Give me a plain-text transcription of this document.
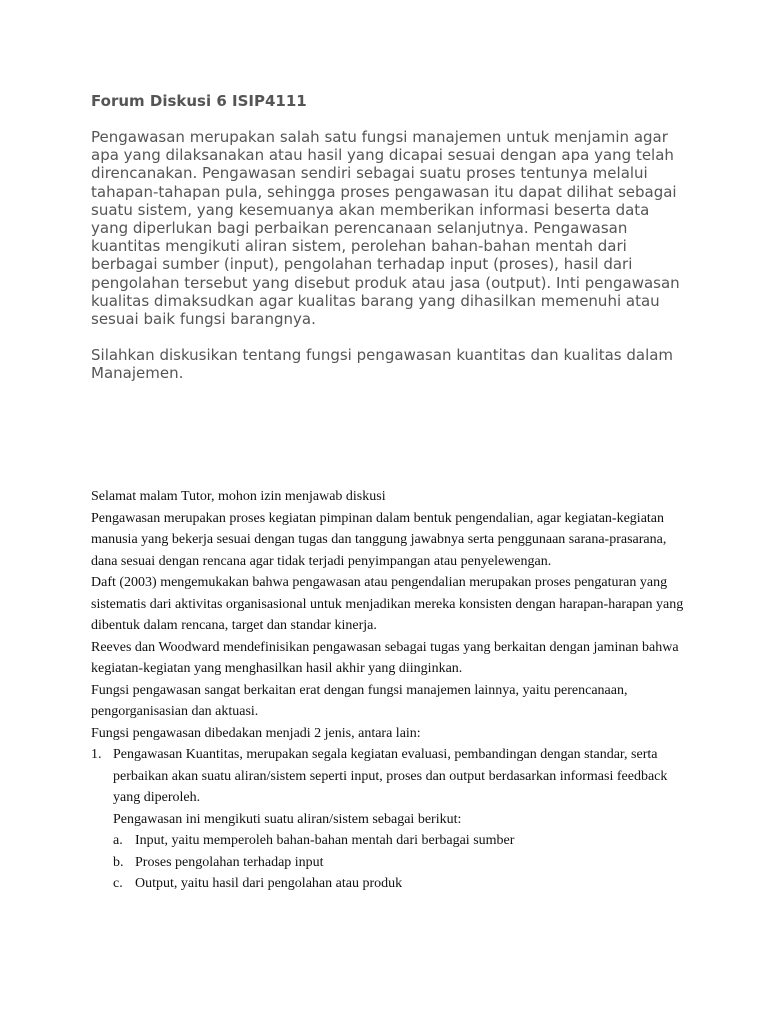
Forum Diskusi 6 ISIP4111

Pengawasan merupakan salah satu fungsi manajemen untuk menjamin agar apa yang dilaksanakan atau hasil yang dicapai sesuai dengan apa yang telah direncanakan. Pengawasan sendiri sebagai suatu proses tentunya melalui tahapan-tahapan pula, sehingga proses pengawasan itu dapat dilihat sebagai suatu sistem, yang kesemuanya akan memberikan informasi beserta data yang diperlukan bagi perbaikan perencanaan selanjutnya. Pengawasan kuantitas mengikuti aliran sistem, perolehan bahan-bahan mentah dari berbagai sumber (input), pengolahan terhadap input (proses), hasil dari pengolahan tersebut yang disebut produk atau jasa (output). Inti pengawasan kualitas dimaksudkan agar kualitas barang yang dihasilkan memenuhi atau sesuai baik fungsi barangnya.

Silahkan diskusikan tentang fungsi pengawasan kuantitas dan kualitas dalam Manajemen.

Selamat malam Tutor, mohon izin menjawab diskusi

Pengawasan merupakan proses kegiatan pimpinan dalam bentuk pengendalian, agar kegiatan-kegiatan manusia yang bekerja sesuai dengan tugas dan tanggung jawabnya serta penggunaan sarana-prasarana, dana sesuai dengan rencana agar tidak terjadi penyimpangan atau penyelewengan.

Daft (2003) mengemukakan bahwa pengawasan atau pengendalian merupakan proses pengaturan yang sistematis dari aktivitas organisasional untuk menjadikan mereka konsisten dengan harapan-harapan yang dibentuk dalam rencana, target dan standar kinerja.

Reeves dan Woodward mendefinisikan pengawasan sebagai tugas yang berkaitan dengan jaminan bahwa kegiatan-kegiatan yang menghasilkan hasil akhir yang diinginkan.

Fungsi pengawasan sangat berkaitan erat dengan fungsi manajemen lainnya, yaitu perencanaan, pengorganisasian dan aktuasi.

Fungsi pengawasan dibedakan menjadi 2 jenis, antara lain:

1. Pengawasan Kuantitas, merupakan segala kegiatan evaluasi, pembandingan dengan standar, serta perbaikan akan suatu aliran/sistem seperti input, proses dan output berdasarkan informasi feedback yang diperoleh.

Pengawasan ini mengikuti suatu aliran/sistem sebagai berikut:

a. Input, yaitu memperoleh bahan-bahan mentah dari berbagai sumber
b. Proses pengolahan terhadap input
c. Output, yaitu hasil dari pengolahan atau produk
